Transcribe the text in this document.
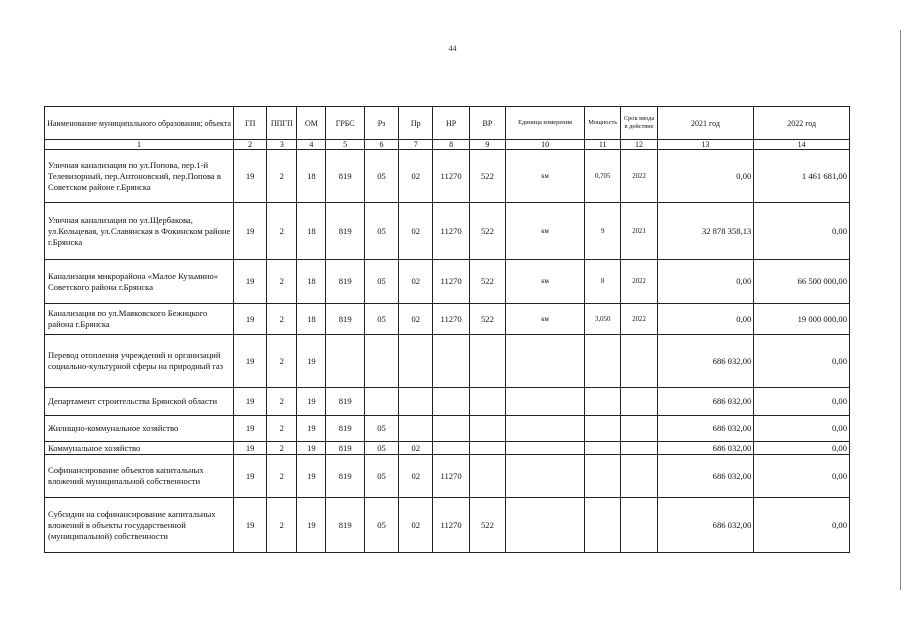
44
Наименование муниципального образования; объекта	ГП	ППГП	ОМ	ГРБС	Рз	Пр	НР	ВР	Единица измерения	Мощность	Срок ввода в действие	2021 год	2022 год
1	2	3	4	5	6	7	8	9	10	11	12	13	14
Уличная канализация по ул.Попова, пер.1-й Телевизорный, пер.Антоновский, пер.Попова в Советском районе г.Брянска	19	2	18	819	05	02	11270	522	км	0,705	2022	0,00	1 461 681,00
Уличная канализация по ул.Щербакова, ул.Кольцевая, ул.Славянская в Фокинском районе г.Брянска	19	2	18	819	05	02	11270	522	км	9	2021	32 878 358,13	0,00
Канализация микрорайона «Малое Кузьмино» Советского района г.Брянска	19	2	18	819	05	02	11270	522	км	8	2022	0,00	66 500 000,00
Канализация по ул.Маяковского Бежицкого района г.Брянска	19	2	18	819	05	02	11270	522	км	3,050	2022	0,00	19 000 000,00
Перевод отопления учреждений и организаций социально-культурной сферы на природный газ	19	2	19									686 032,00	0,00
Департамент строительства Брянской области	19	2	19	819								686 032,00	0,00
Жилищно-коммунальное хозяйство	19	2	19	819	05							686 032,00	0,00
Коммунальное хозяйство	19	2	19	819	05	02						686 032,00	0,00
Софинансирование объектов капитальных вложений муниципальной собственности	19	2	19	819	05	02	11270					686 032,00	0,00
Субсидии на софинансирование капитальных вложений в объекты государственной (муниципальной) собственности	19	2	19	819	05	02	11270	522				686 032,00	0,00
